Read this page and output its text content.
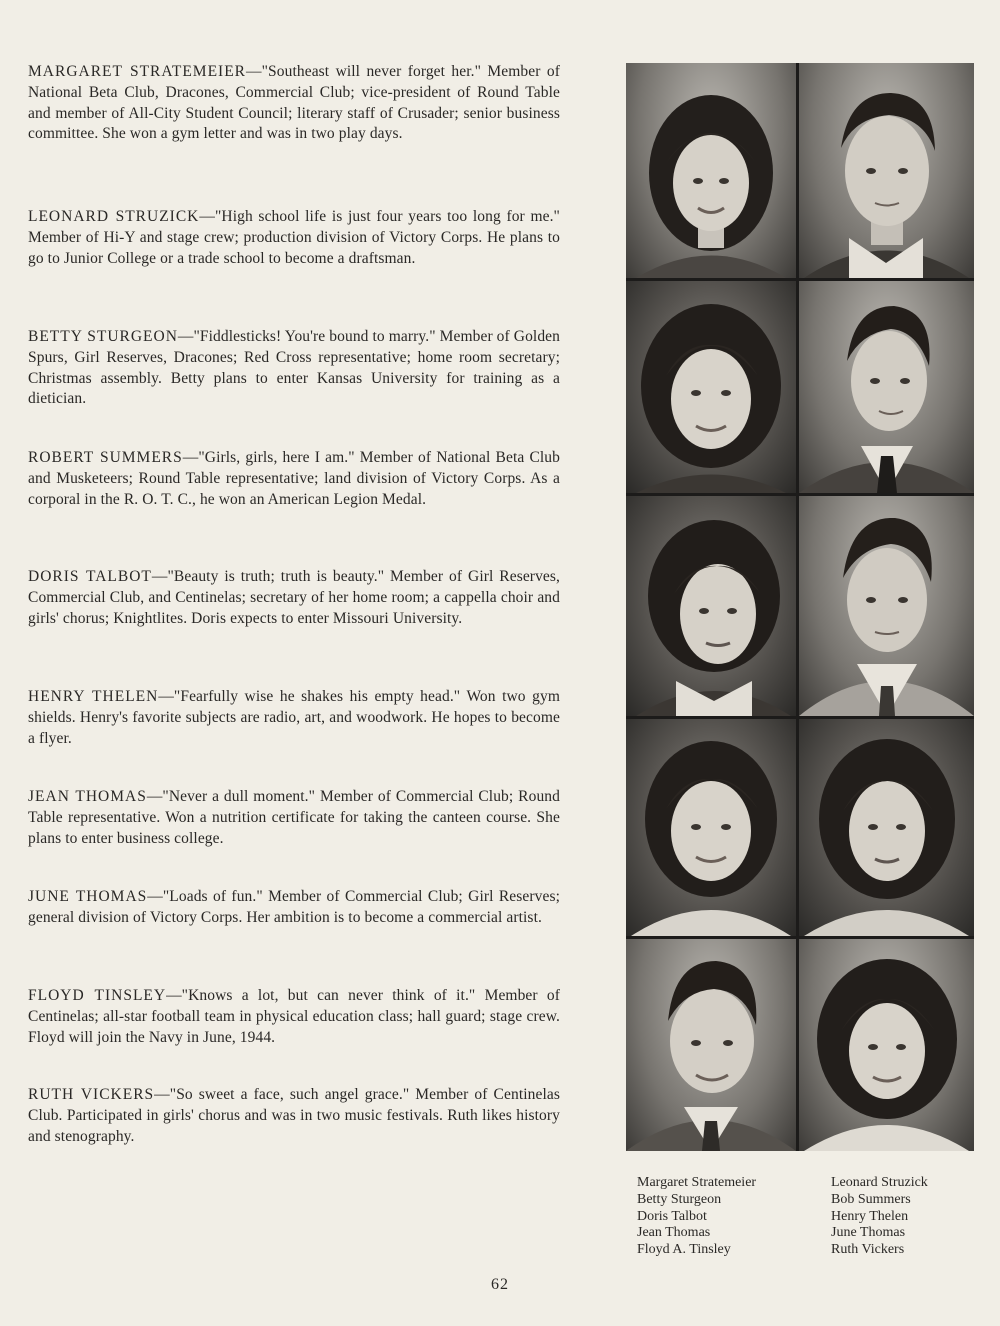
MARGARET STRATEMEIER—"Southeast will never forget her." Member of National Beta Club, Dracones, Commercial Club; vice-president of Round Table and member of All-City Student Council; literary staff of Crusader; senior business committee. She won a gym letter and was in two play days.

LEONARD STRUZICK—"High school life is just four years too long for me." Member of Hi-Y and stage crew; production division of Victory Corps. He plans to go to Junior College or a trade school to become a draftsman.

BETTY STURGEON—"Fiddlesticks! You're bound to marry." Member of Golden Spurs, Girl Reserves, Dracones; Red Cross representative; home room secretary; Christmas assembly. Betty plans to enter Kansas University for training as a dietician.

ROBERT SUMMERS—"Girls, girls, here I am." Member of National Beta Club and Musketeers; Round Table representative; land division of Victory Corps. As a corporal in the R. O. T. C., he won an American Legion Medal.

DORIS TALBOT—"Beauty is truth; truth is beauty." Member of Girl Reserves, Commercial Club, and Centinelas; secretary of her home room; a cappella choir and girls' chorus; Knightlites. Doris expects to enter Missouri University.

HENRY THELEN—"Fearfully wise he shakes his empty head." Won two gym shields. Henry's favorite subjects are radio, art, and woodwork. He hopes to become a flyer.

JEAN THOMAS—"Never a dull moment." Member of Commercial Club; Round Table representative. Won a nutrition certificate for taking the canteen course. She plans to enter business college.

JUNE THOMAS—"Loads of fun." Member of Commercial Club; Girl Reserves; general division of Victory Corps. Her ambition is to become a commercial artist.

FLOYD TINSLEY—"Knows a lot, but can never think of it." Member of Centinelas; all-star football team in physical education class; hall guard; stage crew. Floyd will join the Navy in June, 1944.

RUTH VICKERS—"So sweet a face, such angel grace." Member of Centinelas Club. Participated in girls' chorus and was in two music festivals. Ruth likes history and stenography.

Margaret Stratemeier
Betty Sturgeon
Doris Talbot
Jean Thomas
Floyd A. Tinsley
Leonard Struzick
Bob Summers
Henry Thelen
June Thomas
Ruth Vickers
62
